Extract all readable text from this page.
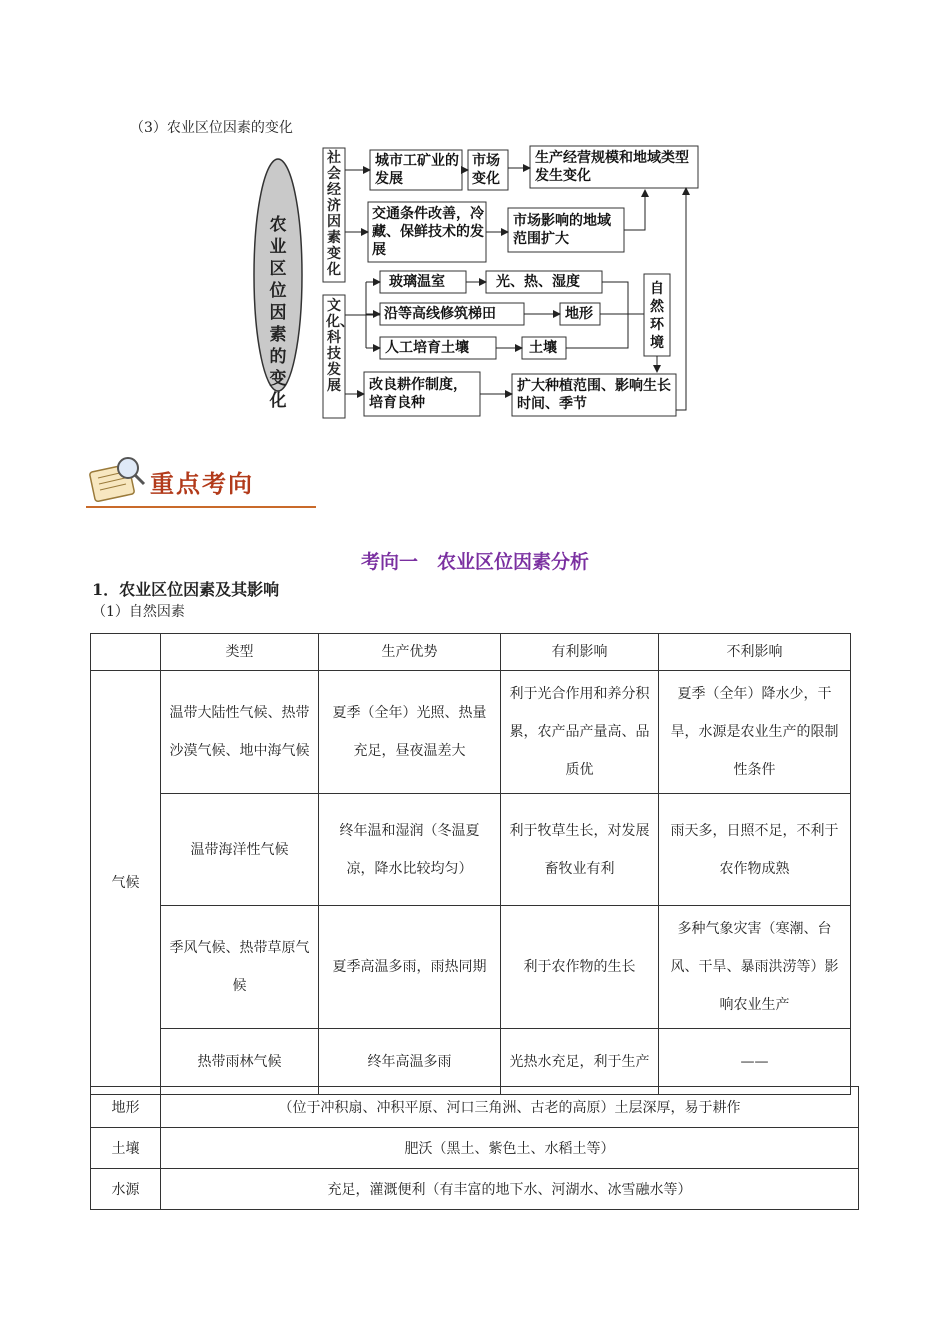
（3）农业区位因素的变化
农业区位因素的变化
社会经济因素变化
文化、科技发展
城市工矿业的发展
市场变化
生产经营规模和地域类型发生变化
交通条件改善，冷藏、保鲜技术的发展
市场影响的地域范围扩大
玻璃温室	光、热、湿度
沿等高线修筑梯田	地形
人工培育土壤	土壤
自然环境
改良耕作制度，培育良种
扩大种植范围、影响生长时间、季节
重点考向
考向一　农业区位因素分析
1．农业区位因素及其影响
（1）自然因素
	类型	生产优势	有利影响	不利影响
气候	温带大陆性气候、热带沙漠气候、地中海气候	夏季（全年）光照、热量充足，昼夜温差大	利于光合作用和养分积累，农产品产量高、品质优	夏季（全年）降水少，干旱，水源是农业生产的限制性条件
	温带海洋性气候	终年温和湿润（冬温夏凉，降水比较均匀）	利于牧草生长，对发展畜牧业有利	雨天多，日照不足，不利于农作物成熟
	季风气候、热带草原气候	夏季高温多雨，雨热同期	利于农作物的生长	多种气象灾害（寒潮、台风、干旱、暴雨洪涝等）影响农业生产
	热带雨林气候	终年高温多雨	光热水充足，利于生产	——
地形	（位于冲积扇、冲积平原、河口三角洲、古老的高原）土层深厚，易于耕作
土壤	肥沃（黑土、紫色土、水稻土等）
水源	充足，灌溉便利（有丰富的地下水、河湖水、冰雪融水等）
